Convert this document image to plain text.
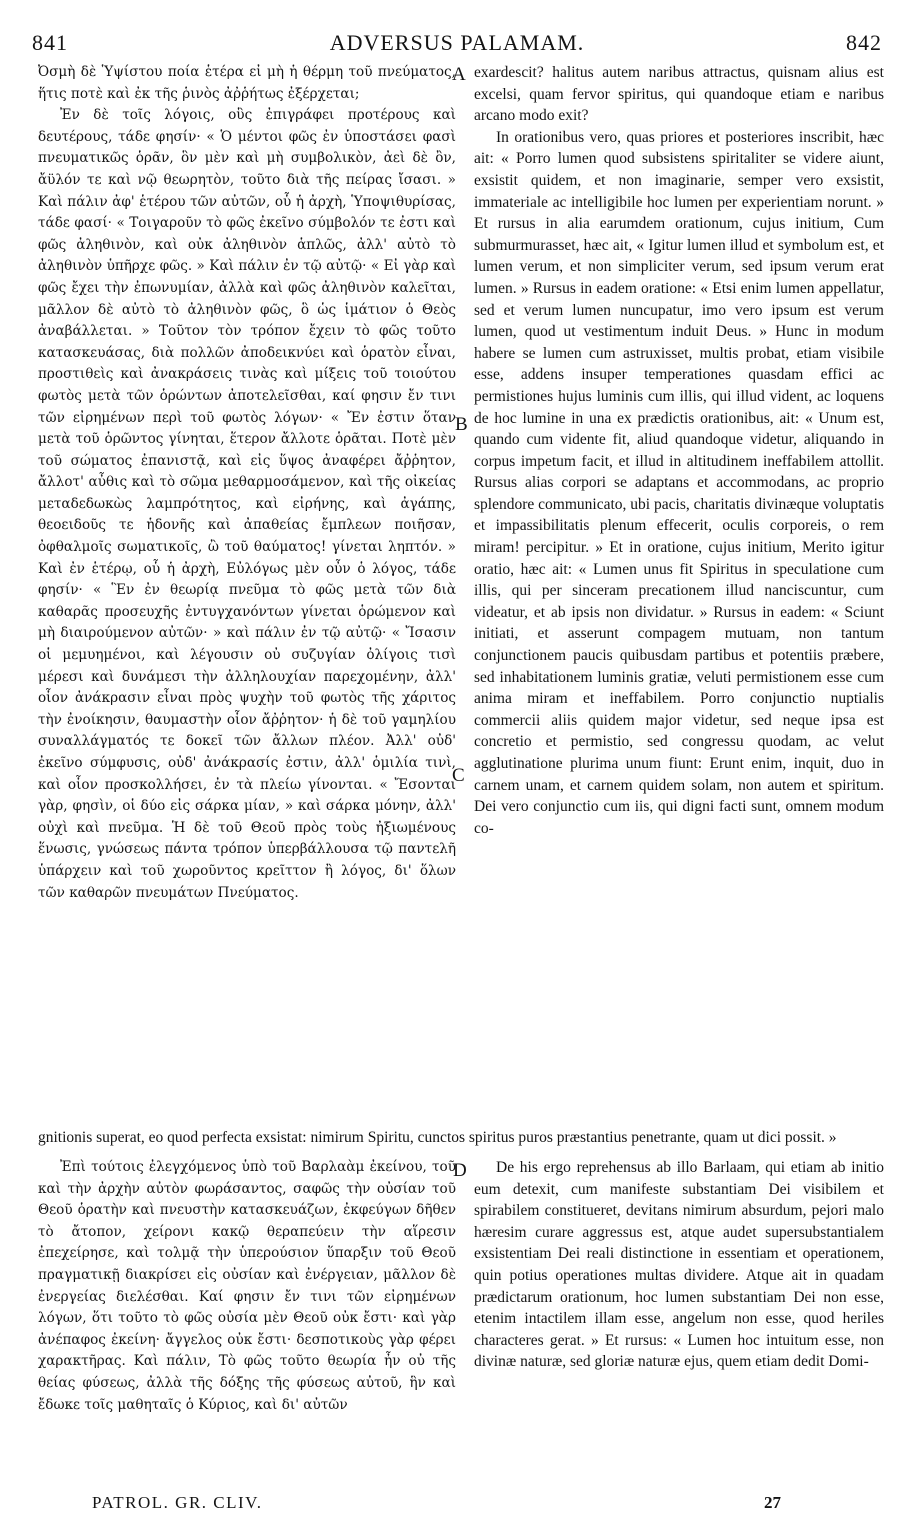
841	ADVERSUS PALAMAM.	842

Ὀσμὴ δὲ Ὑψίστου ποία ἑτέρα εἰ μὴ ἡ θέρμη τοῦ πνεύματος, ἥτις ποτὲ καὶ ἐκ τῆς ῥινὸς ἀῤῥήτως ἐξέρχεται;

Ἐν δὲ τοῖς λόγοις, οὓς ἐπιγράφει προτέρους καὶ δευτέρους, τάδε φησίν· « Ὁ μέντοι φῶς ἐν ὑποστάσει φασὶ πνευματικῶς ὁρᾶν, ὃν μὲν καὶ μὴ συμβολικὸν, ἀεὶ δὲ ὂν, ἄϋλόν τε καὶ νῷ θεωρητὸν, τοῦτο διὰ τῆς πείρας ἴσασι. » Καὶ πάλιν ἀφ' ἑτέρου τῶν αὐτῶν, οὗ ἡ ἀρχὴ, Ὑποψιθυρίσας, τάδε φασί· « Τοιγαροῦν τὸ φῶς ἐκεῖνο σύμβολόν τε ἐστι καὶ φῶς ἀληθινὸν, καὶ οὐκ ἀληθινὸν ἁπλῶς, ἀλλ' αὐτὸ τὸ ἀληθινὸν ὑπῆρχε φῶς. » Καὶ πάλιν ἐν τῷ αὐτῷ· « Εἰ γὰρ καὶ φῶς ἔχει τὴν ἐπωνυμίαν, ἀλλὰ καὶ φῶς ἀληθινὸν καλεῖται, μᾶλλον δὲ αὐτὸ τὸ ἀληθινὸν φῶς, ὃ ὡς ἱμάτιον ὁ Θεὸς ἀναβάλλεται. » Τοῦτον τὸν τρόπον ἔχειν τὸ φῶς τοῦτο κατασκευάσας, διὰ πολλῶν ἀποδεικνύει καὶ ὁρατὸν εἶναι, προστιθεὶς καὶ ἀνακράσεις τινὰς καὶ μίξεις τοῦ τοιούτου φωτὸς μετὰ τῶν ὁρώντων ἀποτελεῖσθαι, καί φησιν ἔν τινι τῶν εἰρημένων περὶ τοῦ φωτὸς λόγων· « Ἔν ἐστιν ὅταν μετὰ τοῦ ὁρῶντος γίνηται, ἕτερον ἄλλοτε ὁρᾶται. Ποτὲ μὲν τοῦ σώματος ἐπανιστᾷ, καὶ εἰς ὕψος ἀναφέρει ἄῤῥητον, ἄλλοτ' αὖθις καὶ τὸ σῶμα μεθαρμοσάμενον, καὶ τῆς οἰκείας μεταδεδωκὼς λαμπρότητος, καὶ εἰρήνης, καὶ ἀγάπης, θεοειδοῦς τε ἡδονῆς καὶ ἀπαθείας ἔμπλεων ποιῆσαν, ὀφθαλμοῖς σωματικοῖς, ὢ τοῦ θαύματος! γίνεται ληπτόν. » Καὶ ἐν ἑτέρῳ, οὗ ἡ ἀρχὴ, Εὐλόγως μὲν οὖν ὁ λόγος, τάδε φησίν· « Ἓν ἐν θεωρίᾳ πνεῦμα τὸ φῶς μετὰ τῶν διὰ καθαρᾶς προσευχῆς ἐντυγχανόντων γίνεται ὁρώμενον καὶ μὴ διαιρούμενον αὐτῶν· » καὶ πάλιν ἐν τῷ αὐτῷ· « Ἴσασιν οἱ μεμυημένοι, καὶ λέγουσιν οὐ συζυγίαν ὀλίγοις τισὶ μέρεσι καὶ δυνάμεσι τὴν ἀλληλουχίαν παρεχομένην, ἀλλ' οἷον ἀνάκρασιν εἶναι πρὸς ψυχὴν τοῦ φωτὸς τῆς χάριτος τὴν ἐνοίκησιν, θαυμαστὴν οἷον ἄῤῥητον· ἡ δὲ τοῦ γαμηλίου συναλλάγματός τε δοκεῖ τῶν ἄλλων πλέον. Ἀλλ' οὐδ' ἐκεῖνο σύμφυσις, οὐδ' ἀνάκρασίς ἐστιν, ἀλλ' ὁμιλία τινὶ, καὶ οἷον προσκολλήσει, ἐν τὰ πλείω γίνονται. « Ἔσονται γὰρ, φησὶν, οἱ δύο εἰς σάρκα μίαν, » καὶ σάρκα μόνην, ἀλλ' οὐχὶ καὶ πνεῦμα. Ἡ δὲ τοῦ Θεοῦ πρὸς τοὺς ἠξιωμένους ἕνωσις, γνώσεως πάντα τρόπον ὑπερβάλλουσα τῷ παντελῆ ὑπάρχειν καὶ τοῦ χωροῦντος κρεῖττον ἢ λόγος, δι' ὅλων τῶν καθαρῶν πνευμάτων Πνεύματος.

A
B
C
D

exardescit? halitus autem naribus attractus, quisnam alius est excelsi, quam fervor spiritus, qui quandoque etiam e naribus arcano modo exit?

In orationibus vero, quas priores et posteriores inscribit, hæc ait: « Porro lumen quod subsistens spiritaliter se videre aiunt, exsistit quidem, et non imaginarie, semper vero exsistit, immateriale ac intelligibile hoc lumen per experientiam norunt. » Et rursus in alia earumdem orationum, cujus initium, Cum submurmurasset, hæc ait, « Igitur lumen illud et symbolum est, et lumen verum, et non simpliciter verum, sed ipsum verum erat lumen. » Rursus in eadem oratione: « Etsi enim lumen appellatur, sed et verum lumen nuncupatur, imo vero ipsum est verum lumen, quod ut vestimentum induit Deus. » Hunc in modum habere se lumen cum astruxisset, multis probat, etiam visibile esse, addens insuper temperationes quasdam effici ac permistiones hujus luminis cum illis, qui illud vident, ac loquens de hoc lumine in una ex prædictis orationibus, ait: « Unum est, quando cum vidente fit, aliud quandoque videtur, aliquando in corpus impetum facit, et illud in altitudinem ineffabilem attollit. Rursus alias corpori se adaptans et accommodans, ac proprio splendore communicato, ubi pacis, charitatis divinæque voluptatis et impassibilitatis plenum effecerit, oculis corporeis, o rem miram! percipitur. » Et in oratione, cujus initium, Merito igitur oratio, hæc ait: « Lumen unus fit Spiritus in speculatione cum illis, qui per sinceram precationem illud nanciscuntur, cum videatur, et ab ipsis non dividatur. » Rursus in eadem: « Sciunt initiati, et asserunt compagem mutuam, non tantum conjunctionem paucis quibusdam partibus et potentiis præbere, sed inhabitationem luminis gratiæ, veluti permistionem esse cum anima miram et ineffabilem. Porro conjunctio nuptialis commercii aliis quidem major videtur, sed neque ipsa est concretio et permistio, sed congressu quodam, ac velut agglutinatione plurima unum fiunt: Erunt enim, inquit, duo in carnem unam, et carnem quidem solam, non autem et spiritum. Dei vero conjunctio cum iis, qui digni facti sunt, omnem modum co-

gnitionis superat, eo quod perfecta exsistat: nimirum Spiritu, cunctos spiritus puros præstantius penetrante, quam ut dici possit. »

Ἐπὶ τούτοις ἐλεγχόμενος ὑπὸ τοῦ Βαρλαὰμ ἐκείνου, τοῦ καὶ τὴν ἀρχὴν αὐτὸν φωράσαντος, σαφῶς τὴν οὐσίαν τοῦ Θεοῦ ὁρατὴν καὶ πνευστὴν κατασκευάζων, ἐκφεύγων δῆθεν τὸ ἄτοπον, χείρονι κακῷ θεραπεύειν τὴν αἵρεσιν ἐπεχείρησε, καὶ τολμᾷ τὴν ὑπερούσιον ὕπαρξιν τοῦ Θεοῦ πραγματικῇ διακρίσει εἰς οὐσίαν καὶ ἐνέργειαν, μᾶλλον δὲ ἐνεργείας διελέσθαι. Καί φησιν ἔν τινι τῶν εἰρημένων λόγων, ὅτι τοῦτο τὸ φῶς οὐσία μὲν Θεοῦ οὐκ ἔστι· καὶ γὰρ ἀνέπαφος ἐκείνη· ἄγγελος οὐκ ἔστι· δεσποτικοὺς γὰρ φέρει χαρακτῆρας. Καὶ πάλιν, Τὸ φῶς τοῦτο θεωρία ἦν οὐ τῆς θείας φύσεως, ἀλλὰ τῆς δόξης τῆς φύσεως αὐτοῦ, ἣν καὶ ἔδωκε τοῖς μαθηταῖς ὁ Κύριος, καὶ δι' αὐτῶν

De his ergo reprehensus ab illo Barlaam, qui etiam ab initio eum detexit, cum manifeste substantiam Dei visibilem et spirabilem constitueret, devitans nimirum absurdum, pejori malo hæresim curare aggressus est, atque audet supersubstantialem exsistentiam Dei reali distinctione in essentiam et operationem, quin potius operationes multas dividere. Atque ait in quadam prædictarum orationum, hoc lumen substantiam Dei non esse, etenim intactilem illam esse, angelum non esse, quod heriles characteres gerat. » Et rursus: « Lumen hoc intuitum esse, non divinæ naturæ, sed gloriæ naturæ ejus, quem etiam dedit Domi-

PATROL. GR. CLIV.	27
